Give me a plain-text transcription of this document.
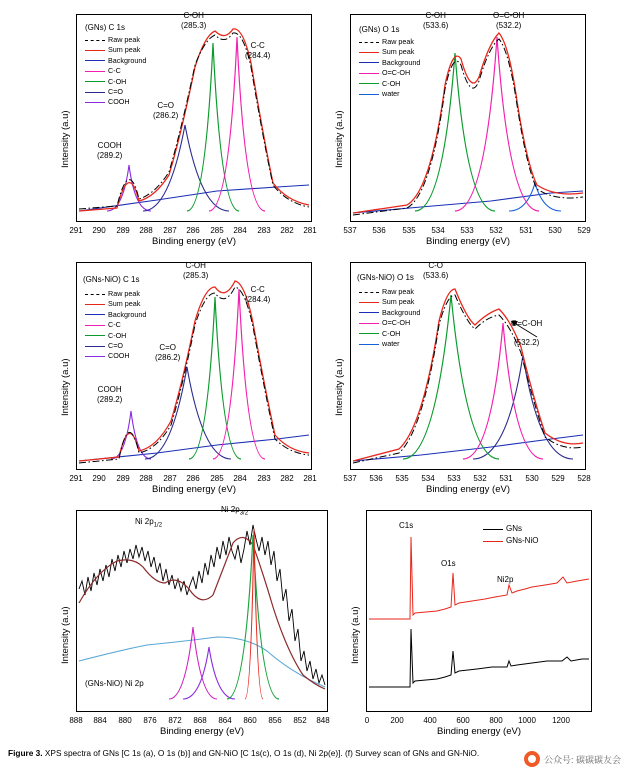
Intensity (a.u)
Raw peak
Sum peak
Background
C-C
C-OH
C=O
COOH
(GNs) C 1s
C-OH
(285.3)
C-C
(284.4)
C=O
(286.2)
COOH
(289.2)
291	290	289	288	287	286	285	284	283	282	281
Binding energy (eV)
Intensity (a.u)
Raw peak
Sum peak
Background
O=C-OH
C-OH
water
(GNs) O 1s
C-OH
(533.6)
O=C-OH
(532.2)
537	536	535	534	533	532	531	530	529
Binding energy (eV)
Intensity (a.u)
Raw peak
Sum peak
Background
C-C
C-OH
C=O
COOH
(GNs-NiO) C 1s
C-OH
(285.3)
C-C
(284.4)
C=O
(286.2)
COOH
(289.2)
291	290	289	288	287	286	285	284	283	282	281
Binding energy (eV)
Intensity (a.u)
Raw peak
Sum peak
Background
O=C-OH
C-OH
water
(GNs-NiO) O 1s
C-O
(533.6)
O=C-OH

(532.2)
537	536	535	534	533	532	531	530	529	528
Binding energy (eV)
Intensity (a.u)
Ni $2p_{1/2}$
Ni $2p_{3/2}$
(GNs-NiO) Ni 2p
888	884	880	876	872	868	864	860	856	852	848
Binding energy (eV)
Intensity (a.u)
GNs
GNs-NiO
C1s
O1s
Ni2p
0	200	400	600	800	1000 1200
Binding energy (eV)
Figure 3. XPS spectra of GNs [C 1s (a), O 1s (b)] and GN-NiO [C 1s(c), O 1s (d), Ni 2p(e)]. (f) Survey scan of GNs and GN-NiO.
公众号: 碳碳碳友会
